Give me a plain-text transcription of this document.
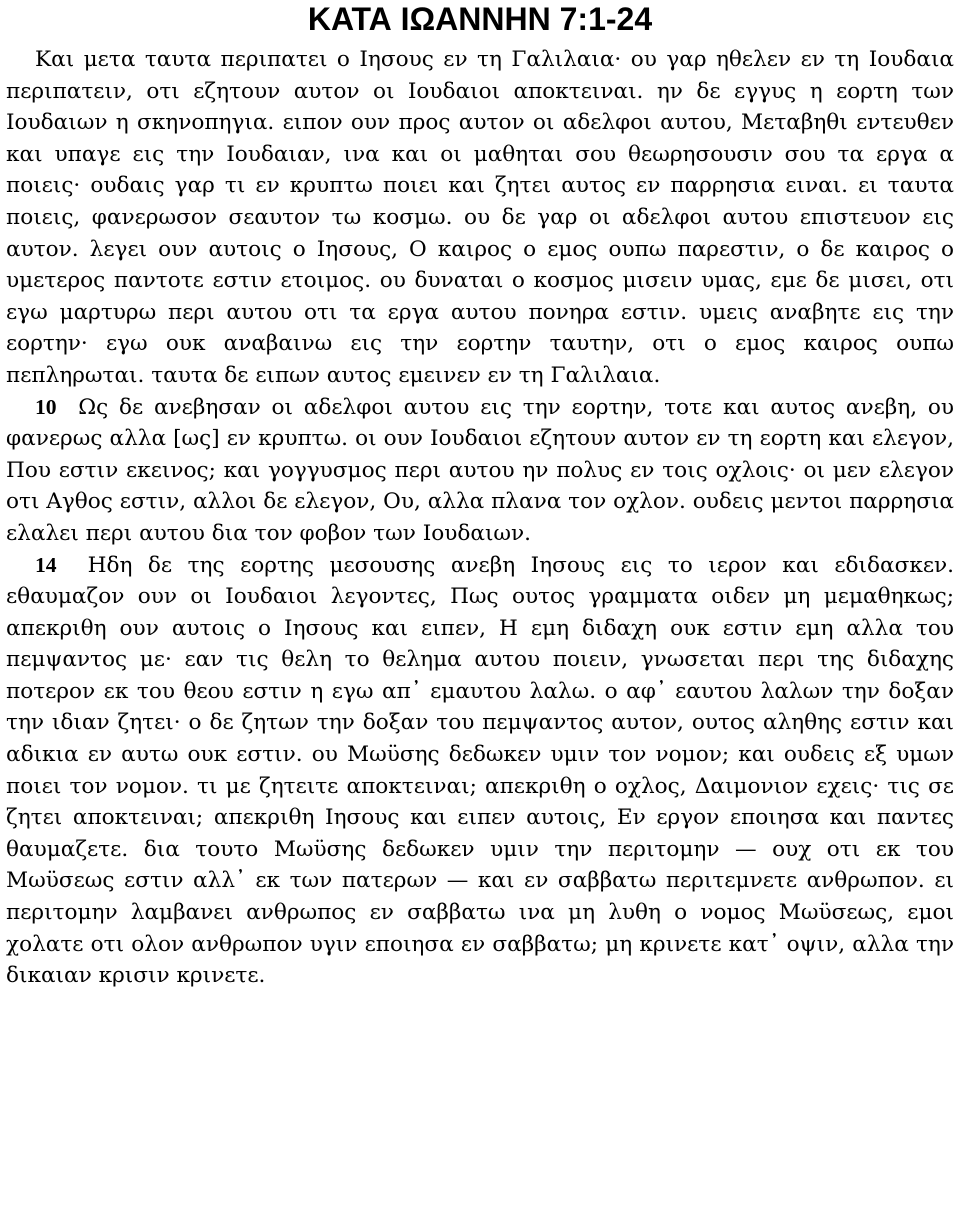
ΚΑΤΑ ΙΩΑΝΝΗΝ 7:1-24

Και μετα ταυτα περιπατει ο Ιησους εν τη Γαλιλαια· ου γαρ ηθελεν εν τη Ιουδαια περιπατειν, οτι εζητουν αυτον οι Ιουδαιοι αποκτειναι. ην δε εγγυς η εορτη των Ιουδαιων η σκηνοπηγια. ειπον ουν προς αυτον οι αδελφοι αυτου, Μεταβηθι εντευθεν και υπαγε εις την Ιουδαιαν, ινα και οι μαθηται σου θεωρησουσιν σου τα εργα α ποιεις· ουδαις γαρ τι εν κρυπτω ποιει και ζητει αυτος εν παρρησια ειναι. ει ταυτα ποιεις, φανερωσον σεαυτον τω κοσμω. ου δε γαρ οι αδελφοι αυτου επιστευον εις αυτον. λεγει ουν αυτοις ο Ιησους, Ο καιρος ο εμος ουπω παρεστιν, ο δε καιρος ο υμετερος παντοτε εστιν ετοιμος. ου δυναται ο κοσμος μισειν υμας, εμε δε μισει, οτι εγω μαρτυρω περι αυτου οτι τα εργα αυτου πονηρα εστιν. υμεις αναβητε εις την εορτην· εγω ουκ αναβαινω εις την εορτην ταυτην, οτι ο εμος καιρος ουπω πεπληρωται. ταυτα δε ειπων αυτος εμεινεν εν τη Γαλιλαια.

10 Ως δε ανεβησαν οι αδελφοι αυτου εις την εορτην, τοτε και αυτος ανεβη, ου φανερως αλλα [ως] εν κρυπτω. οι ουν Ιουδαιοι εζητουν αυτον εν τη εορτη και ελεγον, Που εστιν εκεινος; και γογγυσμος περι αυτου ην πολυς εν τοις οχλοις· οι μεν ελεγον οτι Αγθος εστιν, αλλοι δε ελεγον, Ου, αλλα πλανα τον οχλον. ουδεις μεντοι παρρησια ελαλει περι αυτου δια τον φοβον των Ιουδαιων.

14 Ηδη δε της εορτης μεσουσης ανεβη Ιησους εις το ιερον και εδιδασκεν. εθαυμαζον ουν οι Ιουδαιοι λεγοντες, Πως ουτος γραμματα οιδεν μη μεμαθηκως; απεκριθη ουν αυτοις ο Ιησους και ειπεν, Η εμη διδαχη ουκ εστιν εμη αλλα του πεμψαντος με· εαν τις θελη το θελημα αυτου ποιειν, γνωσεται περι της διδαχης ποτερον εκ του θεου εστιν η εγω απ᾽ εμαυτου λαλω. ο αφ᾽ εαυτου λαλων την δοξαν την ιδιαν ζητει· ο δε ζητων την δοξαν του πεμψαντος αυτον, ουτος αληθης εστιν και αδικια εν αυτω ουκ εστιν. ου Μωϋσης δεδωκεν υμιν τον νομον; και ουδεις εξ υμων ποιει τον νομον. τι με ζητειτε αποκτειναι; απεκριθη ο οχλος, Δαιμονιον εχεις· τις σε ζητει αποκτειναι; απεκριθη Ιησους και ειπεν αυτοις, Εν εργον εποιησα και παντες θαυμαζετε. δια τουτο Μωϋσης δεδωκεν υμιν την περιτομην — ουχ οτι εκ του Μωϋσεως εστιν αλλ᾽ εκ των πατερων — και εν σαββατω περιτεμνετε ανθρωπον. ει περιτομην λαμβανει ανθρωπος εν σαββατω ινα μη λυθη ο νομος Μωϋσεως, εμοι χολατε οτι ολον ανθρωπον υγιν εποιησα εν σαββατω; μη κρινετε κατ᾽ οψιν, αλλα την δικαιαν κρισιν κρινετε.
